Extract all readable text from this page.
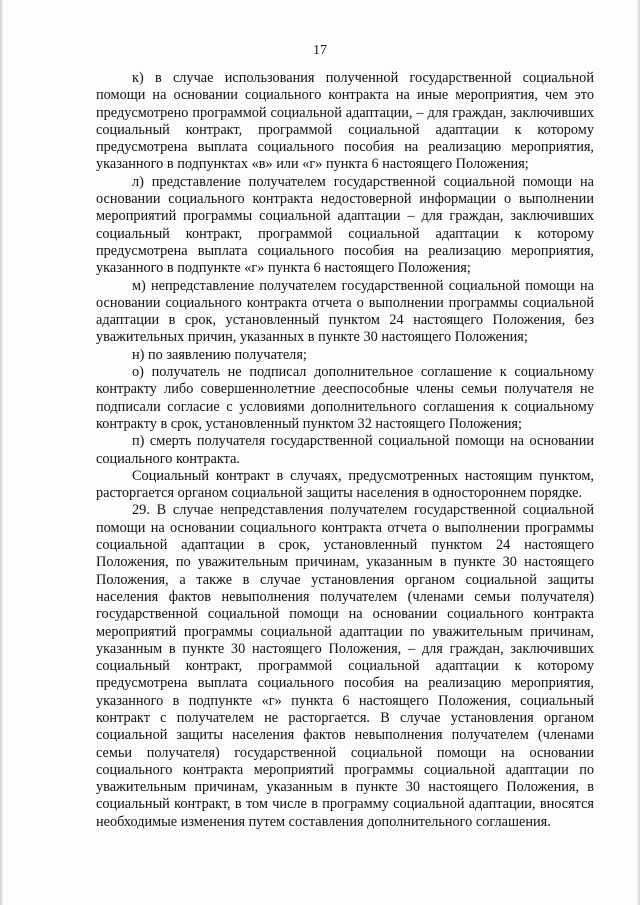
17

к) в случае использования полученной государственной социальной помощи на основании социального контракта на иные мероприятия, чем это предусмотрено программой социальной адаптации, – для граждан, заключивших социальный контракт, программой социальной адаптации к которому предусмотрена выплата социального пособия на реализацию мероприятия, указанного в подпунктах «в» или «г» пункта 6 настоящего Положения;

л) представление получателем государственной социальной помощи на основании социального контракта недостоверной информации о выполнении мероприятий программы социальной адаптации – для граждан, заключивших социальный контракт, программой социальной адаптации к которому предусмотрена выплата социального пособия на реализацию мероприятия, указанного в подпункте «г» пункта 6 настоящего Положения;

м) непредставление получателем государственной социальной помощи на основании социального контракта отчета о выполнении программы социальной адаптации в срок, установленный пунктом 24 настоящего Положения, без уважительных причин, указанных в пункте 30 настоящего Положения;

н) по заявлению получателя;

о) получатель не подписал дополнительное соглашение к социальному контракту либо совершеннолетние дееспособные члены семьи получателя не подписали согласие с условиями дополнительного соглашения к социальному контракту в срок, установленный пунктом 32 настоящего Положения;

п) смерть получателя государственной социальной помощи на основании социального контракта.

Социальный контракт в случаях, предусмотренных настоящим пунктом, расторгается органом социальной защиты населения в одностороннем порядке.

29. В случае непредставления получателем государственной социальной помощи на основании социального контракта отчета о выполнении программы социальной адаптации в срок, установленный пунктом 24 настоящего Положения, по уважительным причинам, указанным в пункте 30 настоящего Положения, а также в случае установления органом социальной защиты населения фактов невыполнения получателем (членами семьи получателя) государственной социальной помощи на основании социального контракта мероприятий программы социальной адаптации по уважительным причинам, указанным в пункте 30 настоящего Положения, – для граждан, заключивших социальный контракт, программой социальной адаптации к которому предусмотрена выплата социального пособия на реализацию мероприятия, указанного в подпункте «г» пункта 6 настоящего Положения, социальный контракт с получателем не расторгается. В случае установления органом социальной защиты населения фактов невыполнения получателем (членами семьи получателя) государственной социальной помощи на основании социального контракта мероприятий программы социальной адаптации по уважительным причинам, указанным в пункте 30 настоящего Положения, в социальный контракт, в том числе в программу социальной адаптации, вносятся необходимые изменения путем составления дополнительного соглашения.
